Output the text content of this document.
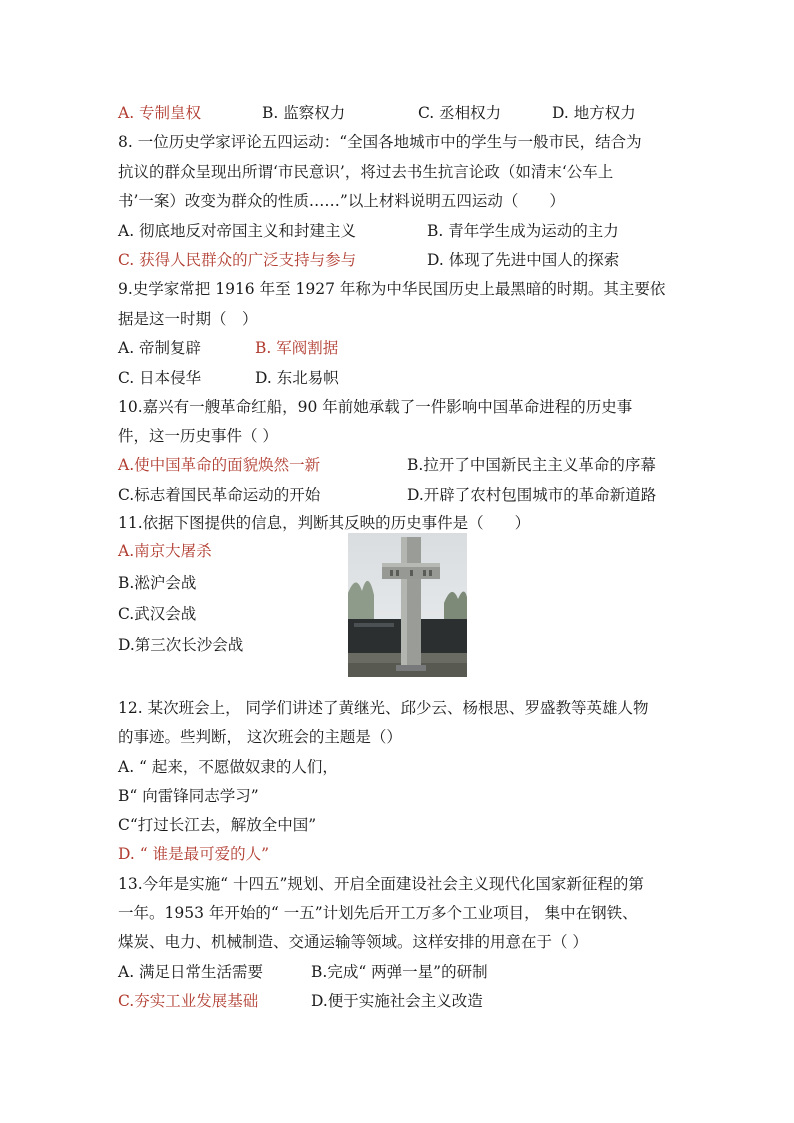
A. 专制皇权	B. 监察权力	C. 丞相权力	D. 地方权力
8. 一位历史学家评论五四运动：“全国各地城市中的学生与一般市民，结合为
抗议的群众呈现出所谓‘市民意识’，将过去书生抗言论政（如清末‘公车上
书’一案）改变为群众的性质……”以上材料说明五四运动（　　）
A. 彻底地反对帝国主义和封建主义	B. 青年学生成为运动的主力
C. 获得人民群众的广泛支持与参与	D. 体现了先进中国人的探索
9.史学家常把 1916 年至 1927 年称为中华民国历史上最黑暗的时期。其主要依
据是这一时期（　）
A. 帝制复辟	B. 军阀割据
C. 日本侵华	D. 东北易帜
10.嘉兴有一艘革命红船，90 年前她承载了一件影响中国革命进程的历史事
件，这一历史事件（ ）
A.使中国革命的面貌焕然一新	B.拉开了中国新民主主义革命的序幕
C.标志着国民革命运动的开始	D.开辟了农村包围城市的革命新道路
11.依据下图提供的信息，判断其反映的历史事件是（　　）
A.南京大屠杀
B.淞沪会战
C.武汉会战
D.第三次长沙会战
12. 某次班会上， 同学们讲述了黄继光、邱少云、杨根思、罗盛教等英雄人物
的事迹。些判断， 这次班会的主题是（）
A. “ 起来，不愿做奴隶的人们，
B“ 向雷锋同志学习”
C“打过长江去，解放全中国”
D. “ 谁是最可爱的人”
13.今年是实施“ 十四五”规划、开启全面建设社会主义现代化国家新征程的第
一年。1953 年开始的“ 一五”计划先后开工万多个工业项目， 集中在钢铁、
煤炭、电力、机械制造、交通运输等领域。这样安排的用意在于（ ）
A. 满足日常生活需要	B.完成“ 两弹一星”的研制
C.夯实工业发展基础	D.便于实施社会主义改造
